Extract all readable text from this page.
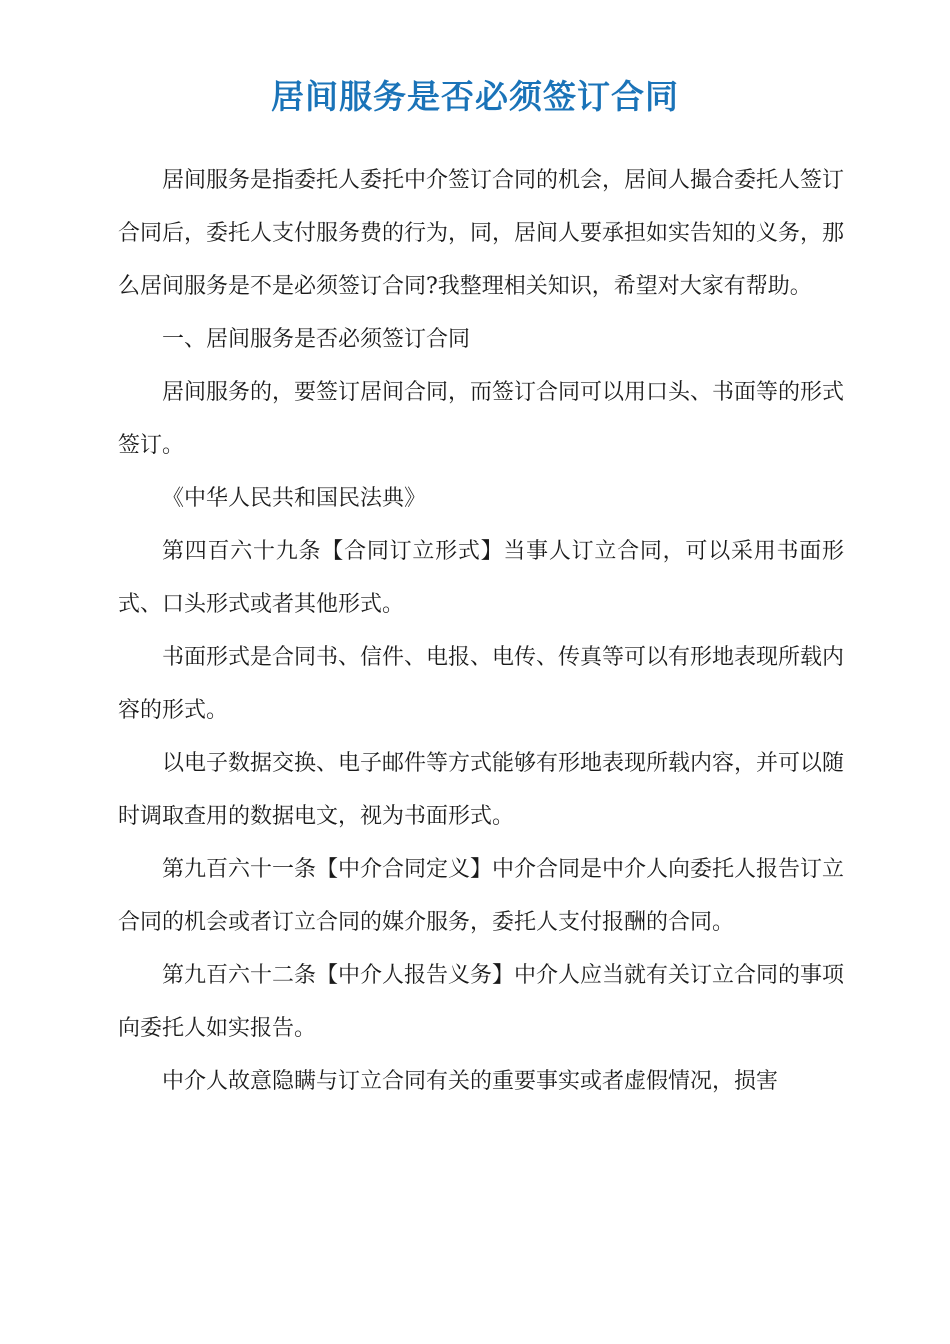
居间服务是否必须签订合同

居间服务是指委托人委托中介签订合同的机会，居间人撮合委托人签订合同后，委托人支付服务费的行为，同，居间人要承担如实告知的义务，那么居间服务是不是必须签订合同?我整理相关知识，希望对大家有帮助。

一、居间服务是否必须签订合同

居间服务的，要签订居间合同，而签订合同可以用口头、书面等的形式签订。

《中华人民共和国民法典》

第四百六十九条【合同订立形式】当事人订立合同，可以采用书面形式、口头形式或者其他形式。

书面形式是合同书、信件、电报、电传、传真等可以有形地表现所载内容的形式。

以电子数据交换、电子邮件等方式能够有形地表现所载内容，并可以随时调取查用的数据电文，视为书面形式。

第九百六十一条【中介合同定义】中介合同是中介人向委托人报告订立合同的机会或者订立合同的媒介服务，委托人支付报酬的合同。

第九百六十二条【中介人报告义务】中介人应当就有关订立合同的事项向委托人如实报告。

中介人故意隐瞒与订立合同有关的重要事实或者虚假情况，损害
